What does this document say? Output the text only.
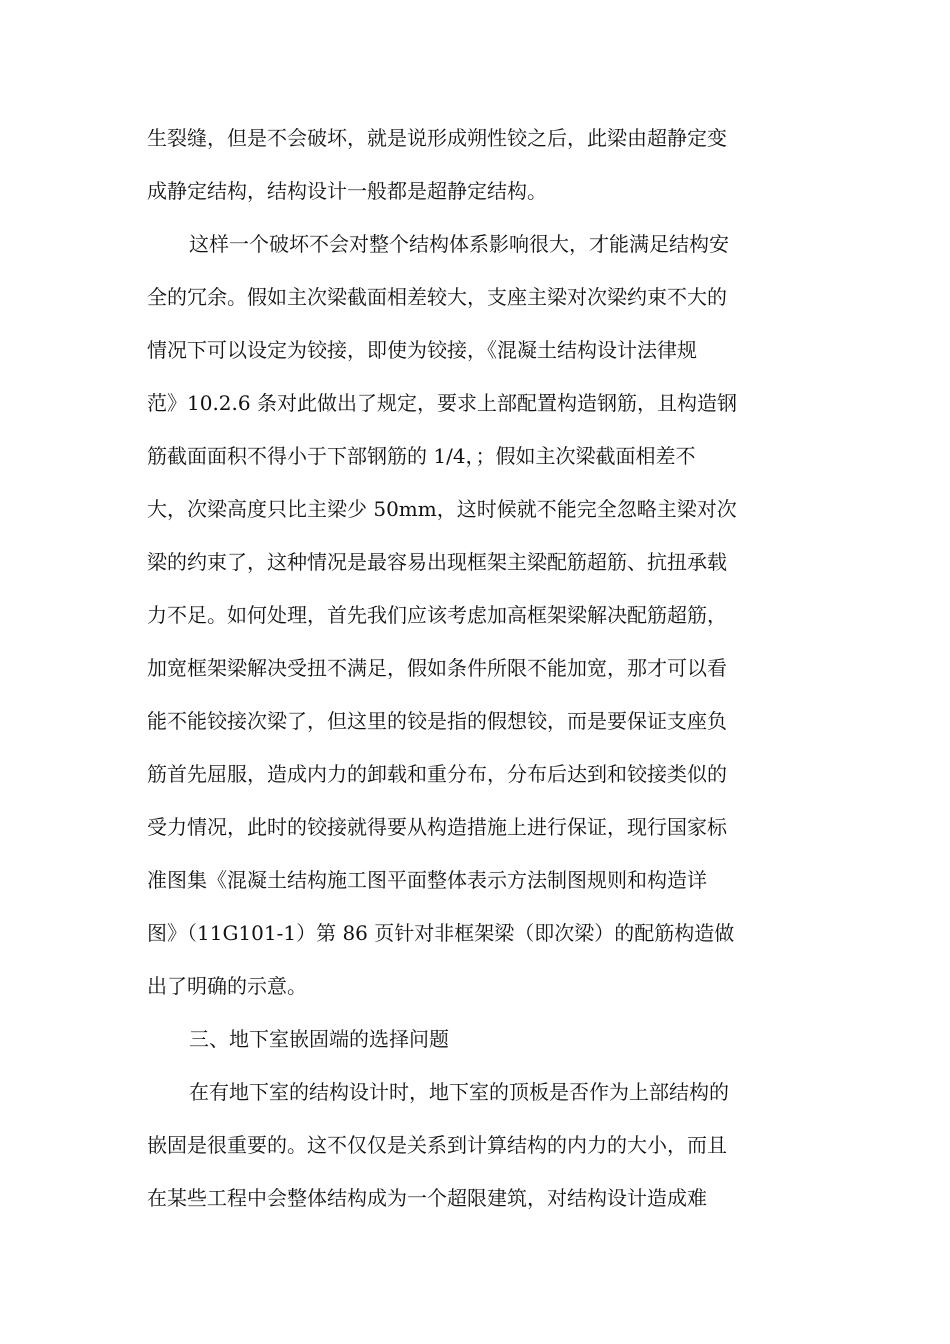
生裂缝，但是不会破坏，就是说形成朔性铰之后，此梁由超静定变
成静定结构，结构设计一般都是超静定结构。
这样一个破坏不会对整个结构体系影响很大，才能满足结构安
全的冗余。假如主次梁截面相差较大，支座主梁对次梁约束不大的
情况下可以设定为铰接，即使为铰接，《混凝土结构设计法律规
范》10.2.6 条对此做出了规定，要求上部配置构造钢筋，且构造钢
筋截面面积不得小于下部钢筋的 1/4，；假如主次梁截面相差不
大，次梁高度只比主梁少 50mm，这时候就不能完全忽略主梁对次
梁的约束了，这种情况是最容易出现框架主梁配筋超筋、抗扭承载
力不足。如何处理，首先我们应该考虑加高框架梁解决配筋超筋，
加宽框架梁解决受扭不满足，假如条件所限不能加宽，那才可以看
能不能铰接次梁了，但这里的铰是指的假想铰，而是要保证支座负
筋首先屈服，造成内力的卸载和重分布，分布后达到和铰接类似的
受力情况，此时的铰接就得要从构造措施上进行保证，现行国家标
准图集《混凝土结构施工图平面整体表示方法制图规则和构造详
图》（11G101-1）第 86 页针对非框架梁（即次梁）的配筋构造做
出了明确的示意。
三、地下室嵌固端的选择问题
在有地下室的结构设计时，地下室的顶板是否作为上部结构的
嵌固是很重要的。这不仅仅是关系到计算结构的内力的大小，而且
在某些工程中会整体结构成为一个超限建筑，对结构设计造成难
